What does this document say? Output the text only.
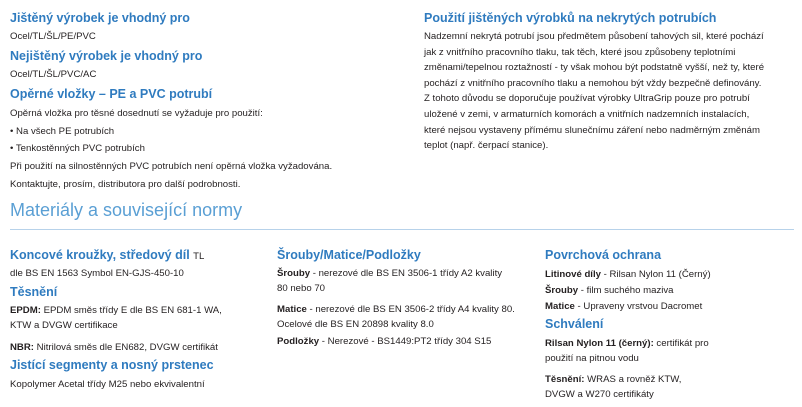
Jištěný výrobek je vhodný pro
Ocel/TL/ŠL/PE/PVC
Nejištěný výrobek je vhodný pro
Ocel/TL/ŠL/PVC/AC
Opěrné vložky – PE a PVC potrubí
Opěrná vložka pro těsné dosednutí se vyžaduje pro použití:
• Na všech PE potrubích
• Tenkostěnných PVC potrubích
Při použití na silnostěnných PVC potrubích není opěrná vložka vyžadována.
Kontaktujte, prosím, distributora pro další podrobnosti.
Použití jištěných výrobků na nekrytých potrubích
Nadzemní nekrytá potrubí jsou předmětem působení tahových sil, které pochází
jak z vnitřního pracovního tlaku, tak těch, které jsou způsobeny teplotními
změnami/tepelnou roztažností - ty však mohou být podstatně vyšší, než ty, které
pochází z vnitřního pracovního tlaku a nemohou být vždy bezpečně definovány.
Z tohoto důvodu se doporučuje používat výrobky UltraGrip pouze pro potrubí
uložené v zemi, v armaturních komorách a vnitřních nadzemních instalacích,
které nejsou vystaveny přímému slunečnímu záření nebo nadměrným změnám
teplot (např. čerpací stanice).
Materiály a související normy
Koncové kroužky, středový díl TL
dle BS EN 1563 Symbol EN-GJS-450-10
Těsnění
EPDM: EPDM směs třídy E dle BS EN 681-1 WA,
KTW a DVGW certifikace
NBR: Nitrilová směs dle EN682, DVGW certifikát
Jistící segmenty a nosný prstenec
Kopolymer Acetal třídy M25 nebo ekvivalentní
Šrouby/Matice/Podložky
Šrouby - nerezové dle BS EN 3506-1 třídy A2 kvality
80 nebo 70
Matice - nerezové dle BS EN 3506-2 třídy A4 kvality 80.
Ocelové dle BS EN 20898 kvality 8.0
Podložky - Nerezové - BS1449:PT2 třídy 304 S15
Povrchová ochrana
Litinové díly - Rilsan Nylon 11 (Černý)
Šrouby - film suchého maziva
Matice - Upraveny vrstvou Dacromet
Schválení
Rilsan Nylon 11 (černý): certifikát pro
použití na pitnou vodu
Těsnění: WRAS a rovněž KTW,
DVGW a W270 certifikáty
